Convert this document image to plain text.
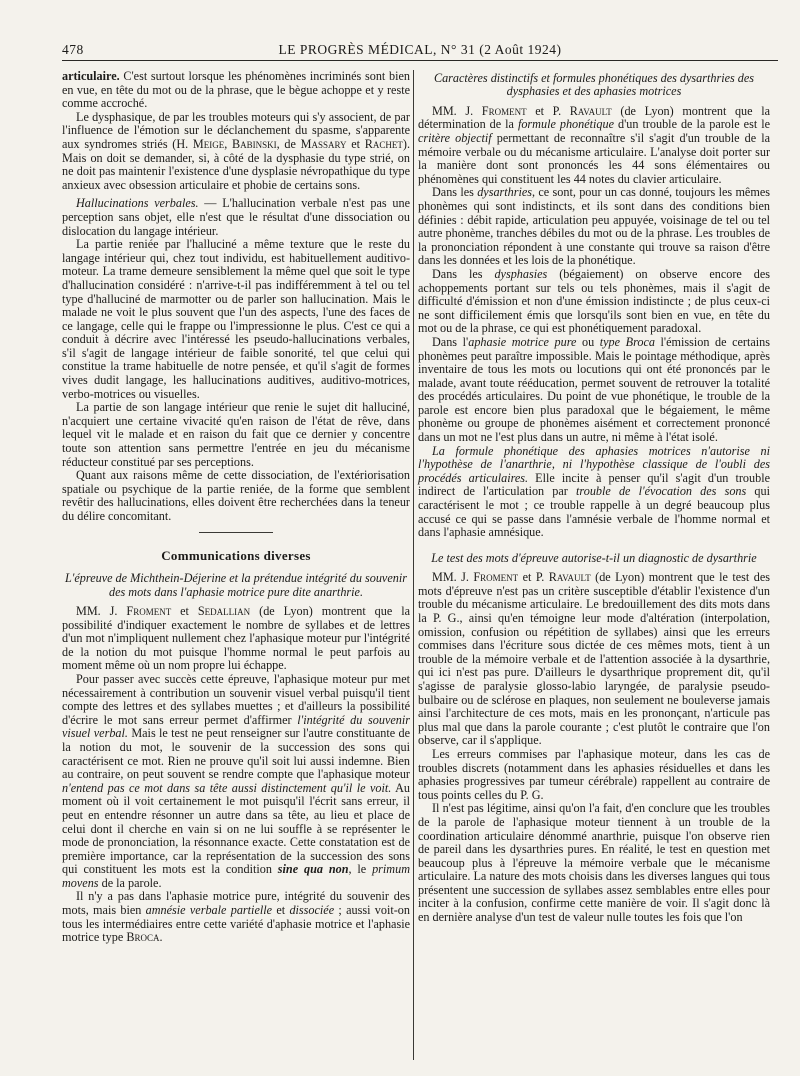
478	LE PROGRÈS MÉDICAL, N° 31 (2 Août 1924)

articulaire. C'est surtout lorsque les phénomènes incriminés sont bien en vue, en tête du mot ou de la phrase, que le bègue achoppe et y reste comme accroché.

Le dysphasique, de par les troubles moteurs qui s'y associent, de par l'influence de l'émotion sur le déclanchement du spasme, s'apparente aux syndromes striés (H. Meige, Babinski, de Massary et Rachet). Mais on doit se demander, si, à côté de la dysphasie du type strié, on ne doit pas maintenir l'existence d'une dysplasie névropathique du type anxieux avec obsession articulaire et phobie de certains sons.

Hallucinations verbales. — L'hallucination verbale n'est pas une perception sans objet, elle n'est que le résultat d'une dissociation ou dislocation du langage intérieur.

La partie reniée par l'halluciné a même texture que le reste du langage intérieur qui, chez tout individu, est habituellement auditivo-moteur. La trame demeure sensiblement la même quel que soit le type d'hallucination considéré : n'arrive-t-il pas indifféremment à tel ou tel type d'halluciné de marmotter ou de parler son hallucination. Mais le malade ne voit le plus souvent que l'un des aspects, l'une des faces de ce langage, celle qui le frappe ou l'impressionne le plus. C'est ce qui a conduit à décrire avec l'intéressé les pseudo-hallucinations verbales, s'il s'agit de langage intérieur de faible sonorité, tel que celui qui constitue la trame habituelle de notre pensée, et qu'il s'agit de formes vives dudit langage, les hallucinations auditives, auditivo-motrices, verbo-motrices ou visuelles.

La partie de son langage intérieur que renie le sujet dit halluciné, n'acquiert une certaine vivacité qu'en raison de l'état de rêve, dans lequel vit le malade et en raison du fait que ce dernier y concentre toute son attention sans permettre l'entrée en jeu du mécanisme réducteur constitué par ses perceptions.

Quant aux raisons même de cette dissociation, de l'extériorisation spatiale ou psychique de la partie reniée, de la forme que semblent revêtir des hallucinations, elles doivent être recherchées dans la teneur du délire concomitant.

Communications diverses

L'épreuve de Michthein-Déjerine et la prétendue intégrité du souvenir des mots dans l'aphasie motrice pure dite anarthrie.

MM. J. Froment et Sedallian (de Lyon) montrent que la possibilité d'indiquer exactement le nombre de syllabes et de lettres d'un mot n'impliquent nullement chez l'aphasique moteur pur l'intégrité de la notion du mot puisque l'homme normal le peut parfois au moment même où un nom propre lui échappe.

Pour passer avec succès cette épreuve, l'aphasique moteur pur met nécessairement à contribution un souvenir visuel verbal puisqu'il tient compte des lettres et des syllabes muettes ; et d'ailleurs la possibilité d'écrire le mot sans erreur permet d'affirmer l'intégrité du souvenir visuel verbal. Mais le test ne peut renseigner sur l'autre constituante de la notion du mot, le souvenir de la succession des sons qui caractérisent ce mot. Rien ne prouve qu'il soit lui aussi indemne. Bien au contraire, on peut souvent se rendre compte que l'aphasique moteur n'entend pas ce mot dans sa tête aussi distinctement qu'il le voit. Au moment où il voit certainement le mot puisqu'il l'écrit sans erreur, il peut en entendre résonner un autre dans sa tête, au lieu et place de celui dont il cherche en vain si on ne lui souffle à se représenter le mode de prononciation, la résonnance exacte. Cette constatation est de première importance, car la représentation de la succession des sons qui constituent les mots est la condition sine qua non, le primum movens de la parole.

Il n'y a pas dans l'aphasie motrice pure, intégrité du souvenir des mots, mais bien amnésie verbale partielle et dissociée ; aussi voit-on tous les intermédiaires entre cette variété d'aphasie motrice et l'aphasie motrice type Broca.

Caractères distinctifs et formules phonétiques des dysarthries des dysphasies et des aphasies motrices

MM. J. Froment et P. Ravault (de Lyon) montrent que la détermination de la formule phonétique d'un trouble de la parole est le critère objectif permettant de reconnaître s'il s'agit d'un trouble de la mémoire verbale ou du mécanisme articulaire. L'analyse doit porter sur la manière dont sont prononcés les 44 sons élémentaires ou phénomènes qui constituent les 44 notes du clavier articulaire.

Dans les dysarthries, ce sont, pour un cas donné, toujours les mêmes phonèmes qui sont indistincts, et ils sont dans des conditions bien définies : débit rapide, articulation peu appuyée, voisinage de tel ou tel autre phonème, tranches débiles du mot ou de la phrase. Les troubles de la prononciation répondent à une constante qui trouve sa raison d'être dans les données et les lois de la phonétique.

Dans les dysphasies (bégaiement) on observe encore des achoppements portant sur tels ou tels phonèmes, mais il s'agit de difficulté d'émission et non d'une émission indistincte ; de plus ceux-ci ne sont difficilement émis que lorsqu'ils sont bien en vue, en tête du mot ou de la phrase, ce qui est phonétiquement paradoxal.

Dans l'aphasie motrice pure ou type Broca l'émission de certains phonèmes peut paraître impossible. Mais le pointage méthodique, après inventaire de tous les mots ou locutions qui ont été prononcés par le malade, avant toute rééducation, permet souvent de retrouver la totalité des procédés articulaires. Du point de vue phonétique, le trouble de la parole est encore bien plus paradoxal que le bégaiement, le même phonème ou groupe de phonèmes aisément et correctement prononcé dans un mot ne l'est plus dans un autre, ni même à l'état isolé.

La formule phonétique des aphasies motrices n'autorise ni l'hypothèse de l'anarthrie, ni l'hypothèse classique de l'oubli des procédés articulaires. Elle incite à penser qu'il s'agit d'un trouble indirect de l'articulation par trouble de l'évocation des sons qui caractérisent le mot ; ce trouble rappelle à un degré beaucoup plus accusé ce qui se passe dans l'amnésie verbale de l'homme normal et dans l'aphasie amnésique.

Le test des mots d'épreuve autorise-t-il un diagnostic de dysarthrie

MM. J. Froment et P. Ravault (de Lyon) montrent que le test des mots d'épreuve n'est pas un critère susceptible d'établir l'existence d'un trouble du mécanisme articulaire. Le bredouillement des dits mots dans la P. G., ainsi qu'en témoigne leur mode d'altération (interpolation, omission, confusion ou répétition de syllabes) ainsi que les erreurs commises dans l'écriture sous dictée de ces mêmes mots, tient à un trouble de la mémoire verbale et de l'attention associée à la dysarthrie, qui ici n'est pas pure. D'ailleurs le dysarthrique proprement dit, qu'il s'agisse de paralysie glosso-labio laryngée, de paralysie pseudo-bulbaire ou de sclérose en plaques, non seulement ne bouleverse jamais ainsi l'architecture de ces mots, mais en les prononçant, n'articule pas plus mal que dans la parole courante ; c'est plutôt le contraire que l'on observe, car il s'applique.

Les erreurs commises par l'aphasique moteur, dans les cas de troubles discrets (notamment dans les aphasies résiduelles et dans les aphasies progressives par tumeur cérébrale) rappellent au contraire de tous points celles du P. G.

Il n'est pas légitime, ainsi qu'on l'a fait, d'en conclure que les troubles de la parole de l'aphasique moteur tiennent à un trouble de la coordination articulaire dénommé anarthrie, puisque l'on observe rien de pareil dans les dysarthries pures. En réalité, le test en question met beaucoup plus à l'épreuve la mémoire verbale que le mécanisme articulaire. La nature des mots choisis dans les diverses langues qui tous présentent une succession de syllabes assez semblables entre elles pour inciter à la confusion, confirme cette manière de voir. Il s'agit donc là en dernière analyse d'un test de valeur nulle toutes les fois que l'on
